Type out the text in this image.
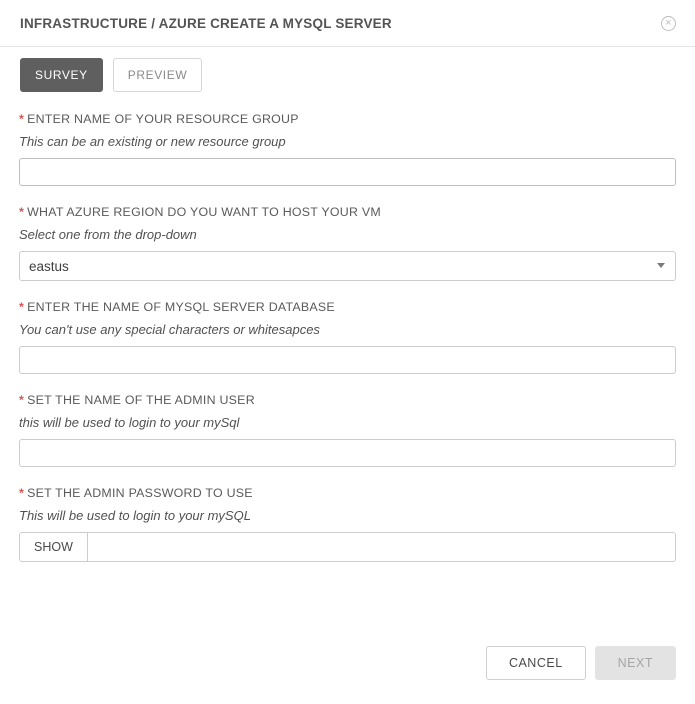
INFRASTRUCTURE / AZURE CREATE A MYSQL SERVER	×
SURVEY	PREVIEW
* ENTER NAME OF YOUR RESOURCE GROUP
This can be an existing or new resource group
* WHAT AZURE REGION DO YOU WANT TO HOST YOUR VM
Select one from the drop-down
eastus
* ENTER THE NAME OF MYSQL SERVER DATABASE
You can't use any special characters or whitesapces
* SET THE NAME OF THE ADMIN USER
this will be used to login to your mySql
* SET THE ADMIN PASSWORD TO USE
This will be used to login to your mySQL
SHOW
CANCEL	NEXT
